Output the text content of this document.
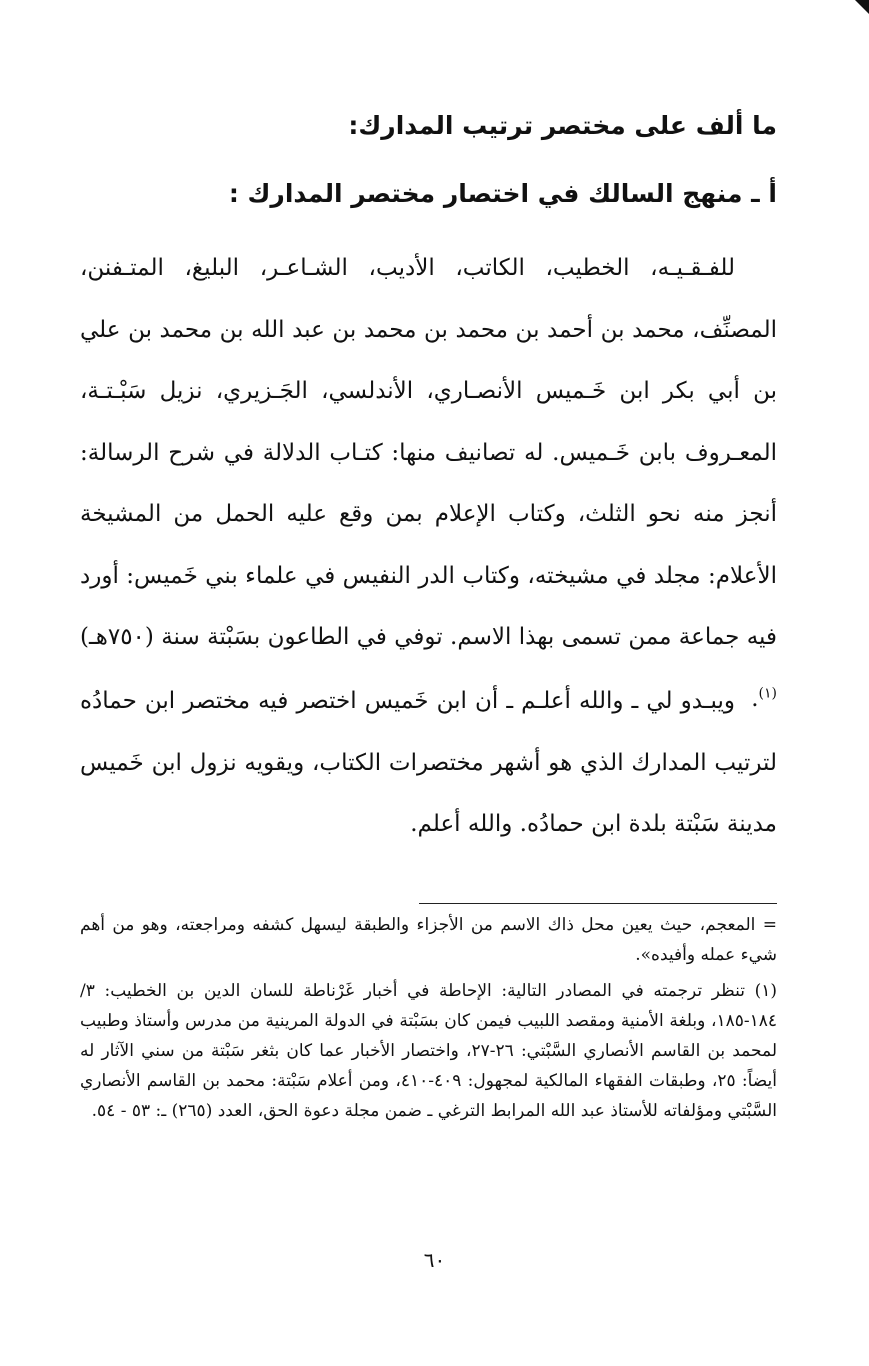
ما ألف على مختصر ترتيب المدارك:
أ ـ منهج السالك في اختصار مختصر المدارك :

للفـقـيـه، الخطيب، الكاتب، الأديب، الشـاعـر، البليغ، المتـفنن، المصنِّف، محمد بن أحمد بن محمد بن محمد بن عبد الله بن محمد بن علي بن أبي بكر ابن خَـميس الأنصـاري، الأندلسي، الجَـزيري، نزيل سَبْـتـة، المعـروف بابن خَـميس. له تصانيف منها: كتـاب الدلالة في شرح الرسالة: أنجز منه نحو الثلث، وكتاب الإعلام بمن وقع عليه الحمل من المشيخة الأعلام: مجلد في مشيخته، وكتاب الدر النفيس في علماء بني خَميس: أورد فيه جماعة ممن تسمى بهذا الاسم. توفي في الطاعون بسَبْتة سنة (٧٥٠هـ)$^{(١)}$.

ويبـدو لي ـ والله أعلـم ـ أن ابن خَميس اختصر فيه مختصر ابن حمادُه لترتيب المدارك الذي هو أشهر مختصرات الكتاب، ويقويه نزول ابن خَميس مدينة سَبْتة بلدة ابن حمادُه. والله أعلم.

= المعجم، حيث يعين محل ذاك الاسم من الأجزاء والطبقة ليسهل كشفه ومراجعته، وهو من أهم شيء عمله وأفيده».

(١) تنظر ترجمته في المصادر التالية: الإحاطة في أخبار غَرْناطة للسان الدين بن الخطيب: ٣/ ١٨٤-١٨٥، وبلغة الأمنية ومقصد اللبيب فيمن كان بسَبْتة في الدولة المرينية من مدرس وأستاذ وطبيب لمحمد بن القاسم الأنصاري السَّبْتي: ٢٦-٢٧، واختصار الأخبار عما كان بثغر سَبْتة من سني الآثار له أيضاً: ٢٥، وطبقات الفقهاء المالكية لمجهول: ٤٠٩-٤١٠، ومن أعلام سَبْتة: محمد بن القاسم الأنصاري السَّبْتي ومؤلفاته للأستاذ عبد الله المرابط الترغي ـ ضمن مجلة دعوة الحق، العدد (٢٦٥) ـ: ٥٣ - ٥٤.

٦٠
